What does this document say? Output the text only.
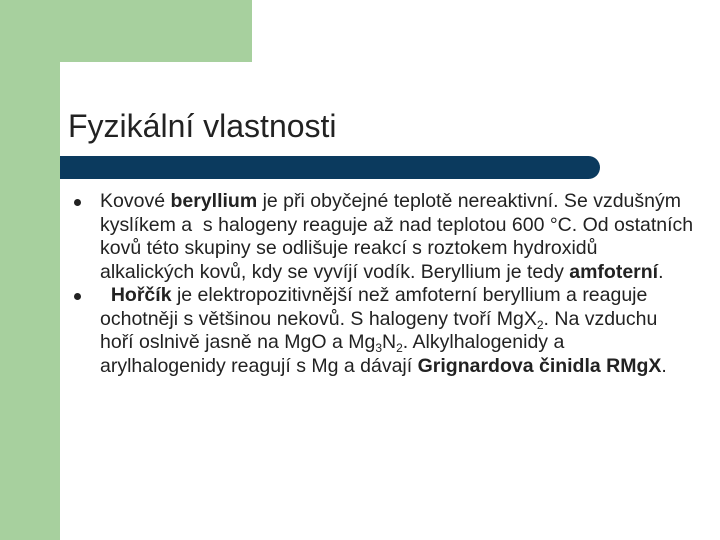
Fyzikální vlastnosti
Kovové beryllium je při obyčejné teplotě nereaktivní. Se vzdušným kyslíkem a  s halogeny reaguje až nad teplotou 600 °C. Od ostatních kovů této skupiny se odlišuje reakcí s roztokem hydroxidů alkalických kovů, kdy se vyvíjí vodík. Beryllium je tedy amfoterní.
Hořčík je elektropozitivnější než amfoterní beryllium a reaguje ochotněji s většinou nekovů. S halogeny tvoří MgX$_2$. Na vzduchu hoří oslnivě jasně na MgO a $Mg_3N_2$. Alkylhalogenidy a arylhalogenidy reagují s Mg a dávají Grignardova činidla RMgX.
